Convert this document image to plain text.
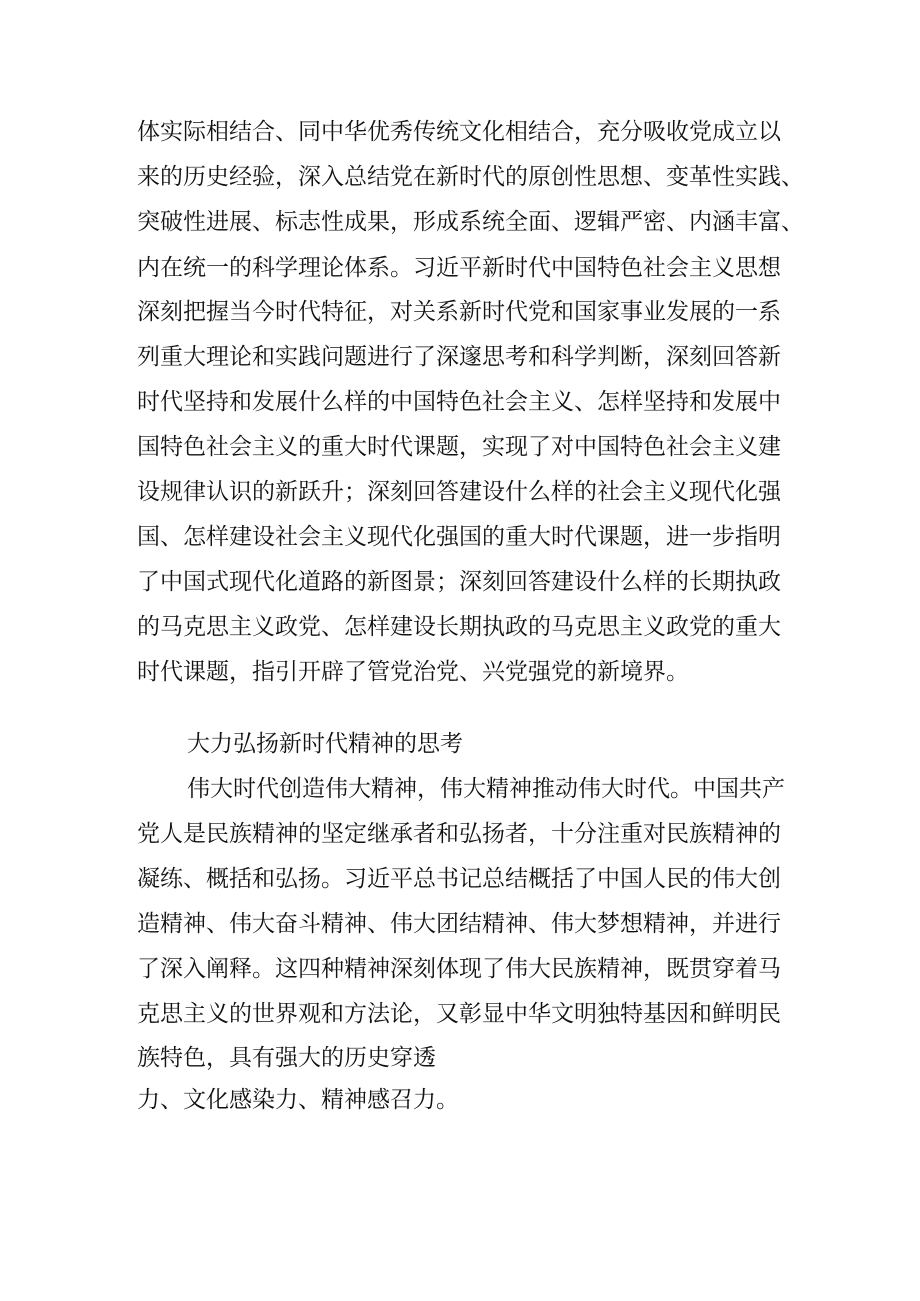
体实际相结合、同中华优秀传统文化相结合，充分吸收党成立以
来的历史经验，深入总结党在新时代的原创性思想、变革性实践、
突破性进展、标志性成果，形成系统全面、逻辑严密、内涵丰富、
内在统一的科学理论体系。习近平新时代中国特色社会主义思想
深刻把握当今时代特征，对关系新时代党和国家事业发展的一系
列重大理论和实践问题进行了深邃思考和科学判断，深刻回答新
时代坚持和发展什么样的中国特色社会主义、怎样坚持和发展中
国特色社会主义的重大时代课题，实现了对中国特色社会主义建
设规律认识的新跃升；深刻回答建设什么样的社会主义现代化强
国、怎样建设社会主义现代化强国的重大时代课题，进一步指明
了中国式现代化道路的新图景；深刻回答建设什么样的长期执政
的马克思主义政党、怎样建设长期执政的马克思主义政党的重大
时代课题，指引开辟了管党治党、兴党强党的新境界。
大力弘扬新时代精神的思考
伟大时代创造伟大精神，伟大精神推动伟大时代。中国共产
党人是民族精神的坚定继承者和弘扬者，十分注重对民族精神的
凝练、概括和弘扬。习近平总书记总结概括了中国人民的伟大创
造精神、伟大奋斗精神、伟大团结精神、伟大梦想精神，并进行
了深入阐释。这四种精神深刻体现了伟大民族精神，既贯穿着马
克思主义的世界观和方法论，又彰显中华文明独特基因和鲜明民
族特色，具有强大的历史穿透
力、文化感染力、精神感召力。
